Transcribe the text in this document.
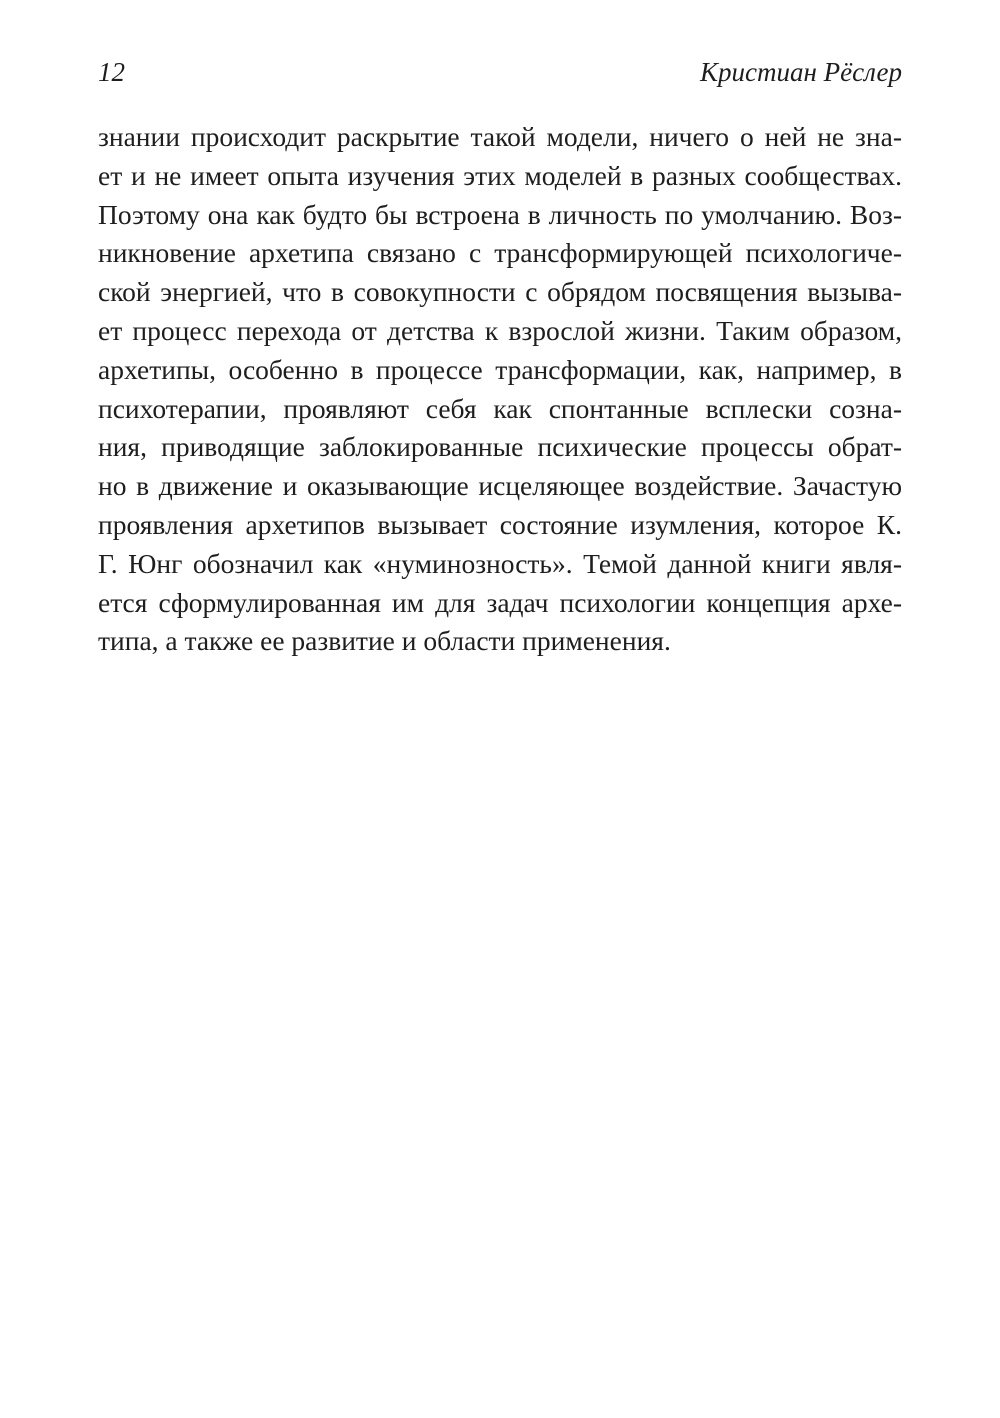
12	Кристиан Рёслер
знании происходит раскрытие такой модели, ничего о ней не зна-
ет и не имеет опыта изучения этих моделей в разных сообществах.
Поэтому она как будто бы встроена в личность по умолчанию. Воз-
никновение архетипа связано с трансформирующей психологиче-
ской энергией, что в совокупности с обрядом посвящения вызыва-
ет процесс перехода от детства к взрослой жизни. Таким образом,
архетипы, особенно в процессе трансформации, как, например, в
психотерапии, проявляют себя как спонтанные всплески созна-
ния, приводящие заблокированные психические процессы обрат-
но в движение и оказывающие исцеляющее воздействие. Зачастую
проявления архетипов вызывает состояние изумления, которое К.
Г. Юнг обозначил как «нуминозность». Темой данной книги явля-
ется сформулированная им для задач психологии концепция архе-
типа, а также ее развитие и области применения.
